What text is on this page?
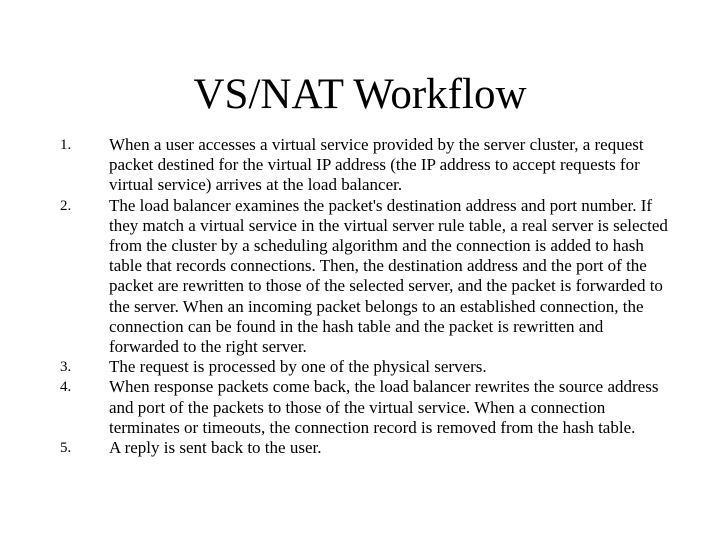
VS/NAT Workflow
1.	When a user accesses a virtual service provided by the server cluster, a request packet destined for the virtual IP address (the IP address to accept requests for virtual service) arrives at the load balancer.
2.	The load balancer examines the packet's destination address and port number. If they match a virtual service in the virtual server rule table, a real server is selected from the cluster by a scheduling algorithm and the connection is added to hash table that records connections. Then, the destination address and the port of the packet are rewritten to those of the selected server, and the packet is forwarded to the server. When an incoming packet belongs to an established connection, the connection can be found in the hash table and the packet is rewritten and forwarded to the right server.
3.	The request is processed by one of the physical servers.
4.	When response packets come back, the load balancer rewrites the source address and port of the packets to those of the virtual service. When a connection terminates or timeouts, the connection record is removed from the hash table.
5.	A reply is sent back to the user.
